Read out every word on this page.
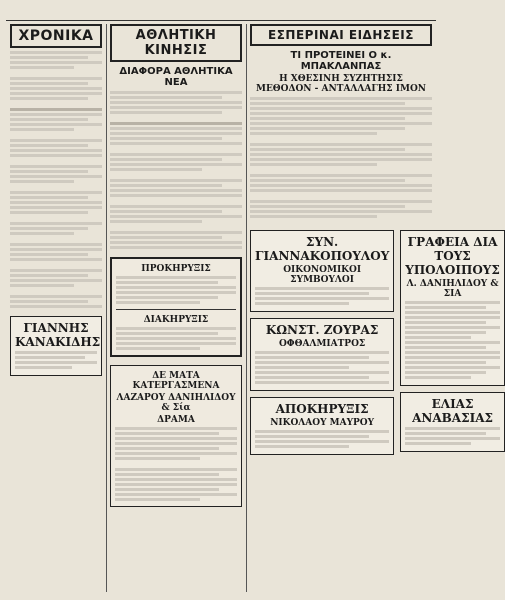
ΧΡΟΝΙΚΑ
ΓΙΑΝΝΗΣ ΚΑΝΑΚΙΔΗΣ
ΑΘΛΗΤΙΚΗ ΚΙΝΗΣΙΣ
ΔΙΑΦΟΡΑ ΑΘΛΗΤΙΚΑ ΝΕΑ
ΠΡΟΚΗΡΥΞΙΣ
ΔΙΑΚΗΡΥΞΙΣ
ΔΕ ΜΑΤΑ ΚΑΤΕΡΓΑΣΜΕΝΑ
ΛΑΖΑΡΟΥ ΔΑΝΙΗΛΙΔΟΥ & Σία
ΔΡΑΜΑ
ΕΣΠΕΡΙΝΑΙ ΕΙΔΗΣΕΙΣ
ΤΙ ΠΡΟΤΕΙΝΕΙ Ο κ. ΜΠΑΚΛΑΝΠΑΣ
Η ΧΘΕΣΙΝΗ ΣΥΖΗΤΗΣΙΣ ΜΕΘΟΔΟΝ - ΑΝΤΑΛΛΑΓΗΣ ΙΜΟΝ
ΣΥΝ. ΓΙΑΝΝΑΚΟΠΟΥΛΟΥ
ΟΙΚΟΝΟΜΙΚΟΙ ΣΥΜΒΟΥΛΟΙ
ΚΩΝΣΤ. ΖΟΥΡΑΣ
ΟΦΘΑΛΜΙΑΤΡΟΣ
ΑΠΟΚΗΡΥΞΙΣ
ΝΙΚΟΛΑΟΥ ΜΑΥΡΟΥ
ΓΡΑΦΕΙΑ ΔΙΑ ΤΟΥΣ ΥΠΟΛΟΙΠΟΥΣ
Λ. ΔΑΝΙΗΛΙΔΟΥ & ΣΙΑ
ΕΛΙΑΣ ΑΝΑΒΑΣΙΑΣ
